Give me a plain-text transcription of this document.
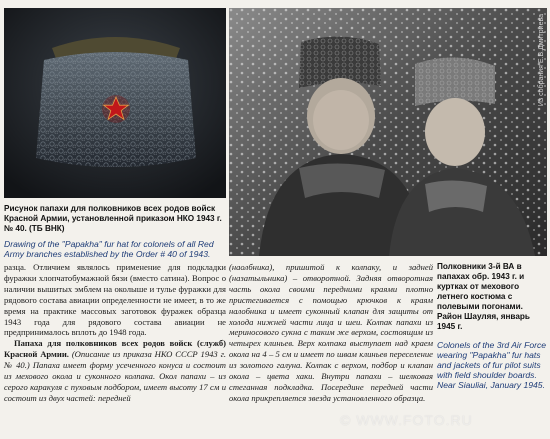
Из собрания Е.В.Дмитриева
Рисунок папахи для полковников всех родов войск Красной Армии, установленной приказом НКО 1943 г. № 40. (ТБ ВНК)
Drawing of the "Papakha" fur hat for colonels of all Red Army branches established by the Order # 40 of 1943.
Полковники 3-й ВА в папахах обр. 1943 г. и куртках от мехового летнего костюма с полевыми погонами. Район Шауляя, январь 1945 г.
Colonels of the 3rd Air Force wearing "Papakha" fur hats and jackets of fur pilot suits with field shoulder boards. Near Siauliai, January 1945.

разца. Отличием являлось применение для подкладки фуражки хлопчатобумажной бязи (вместо сатина). Вопрос о наличии вышитых эмблем на околыше и тулье фуражки для рядового состава авиации определенности не имеет, в то же время на практике массовых заготовок фуражек образца 1943 года для рядового состава авиации не предпринималось вплоть до 1948 года.

Папаха для полковников всех родов войск (служб) Красной Армии. (Описание из приказа НКО СССР 1943 г. № 40.) Папаха имеет форму усеченного конуса и состоит из мехового окола и суконного колпака. Окол папахи – из серого каракуля с пуховым подбором, имеет высоту 17 см и состоит из двух частей: передней

(наолбника), пришитой к колпаку, и задней (назатыльника) – отворотной. Задняя отворотная часть окола своими передними краями плотно пристегивается с помощью крючков к краям налобника и имеет суконный клапан для защиты от холода нижней части лица и шеи. Колпак папахи из мериносового сукна с таким же верхом, состоящим из четырех клиньев. Верх колпака выступает над краем окола на 4 – 5 см и имеет по швам клиньев переселение из золотого галуна. Колпак с верхом, подбор и клапан окола – цвета хаки. Внутри папахи – шелковая стеганная подкладка. Посередине передней части окола прикрепляется звезда установленного образца.

© WWW.FOTO.RU
